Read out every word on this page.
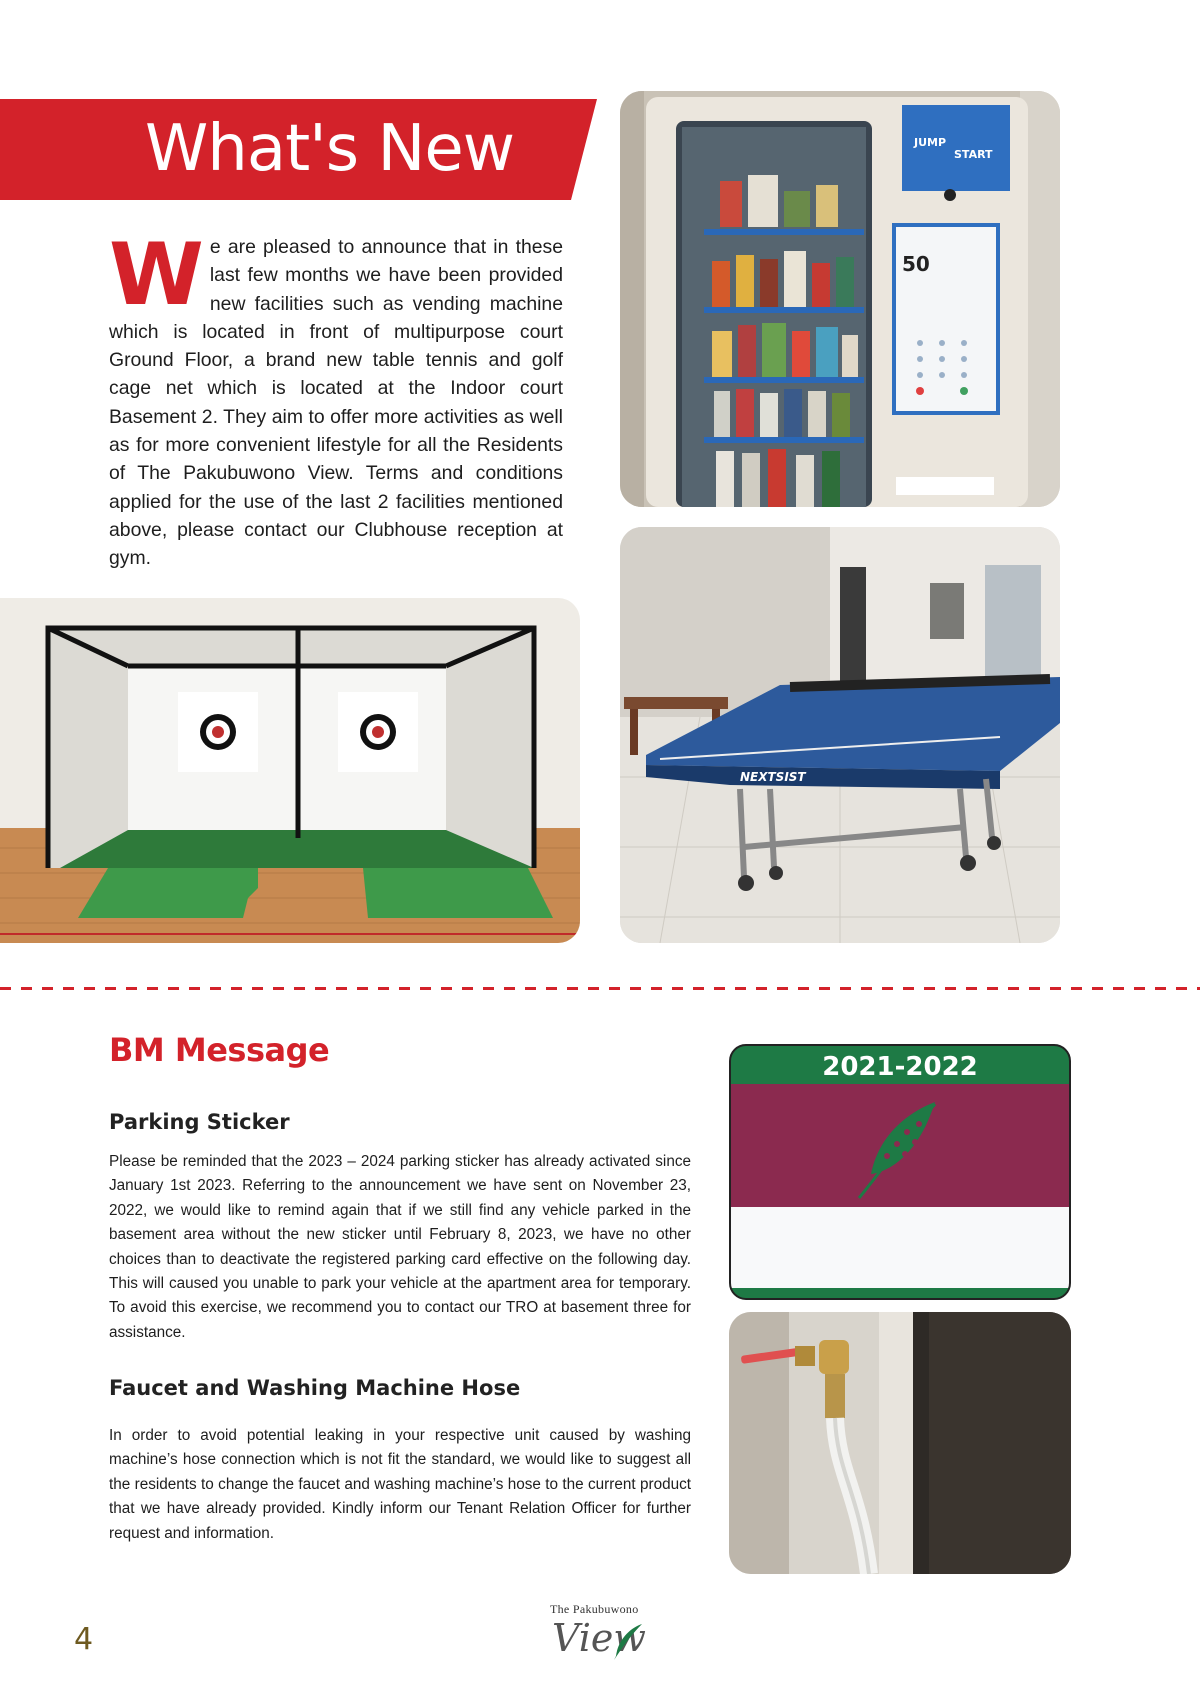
What's New
W e are pleased to announce that in these last few months we have been provided new facilities such as vending machine which is located in front of multipurpose court Ground Floor, a brand new table tennis and golf cage net which is located at the Indoor court Basement 2. They aim to offer more activities as well as for more convenient lifestyle for all the Residents of The Pakubuwono View. Terms and conditions applied for the use of the last 2 facilities mentioned above, please contact our Clubhouse reception at gym.
JUMP
START
50
NEXTSIST
BM Message
Parking Sticker
Please be reminded that the 2023 – 2024 parking sticker has already activated since January 1st 2023. Referring to the announcement we have sent on November 23, 2022, we would like to remind again that if we still find any vehicle parked in the basement area without the new sticker until February 8, 2023, we have no other choices than to deactivate the registered parking card effective on the following day. This will caused you unable to park your vehicle at the apartment area for temporary. To avoid this exercise, we recommend you to contact our TRO at basement three for assistance.
Faucet and Washing Machine Hose
In order to avoid potential leaking in your respective unit caused by washing machine’s hose connection which is not fit the standard, we would like to suggest all the residents to change the faucet and washing machine’s hose to the current product that we have already provided. Kindly inform our Tenant Relation Officer for further request and information.
2021-2022
4
The Pakubuwono
View
